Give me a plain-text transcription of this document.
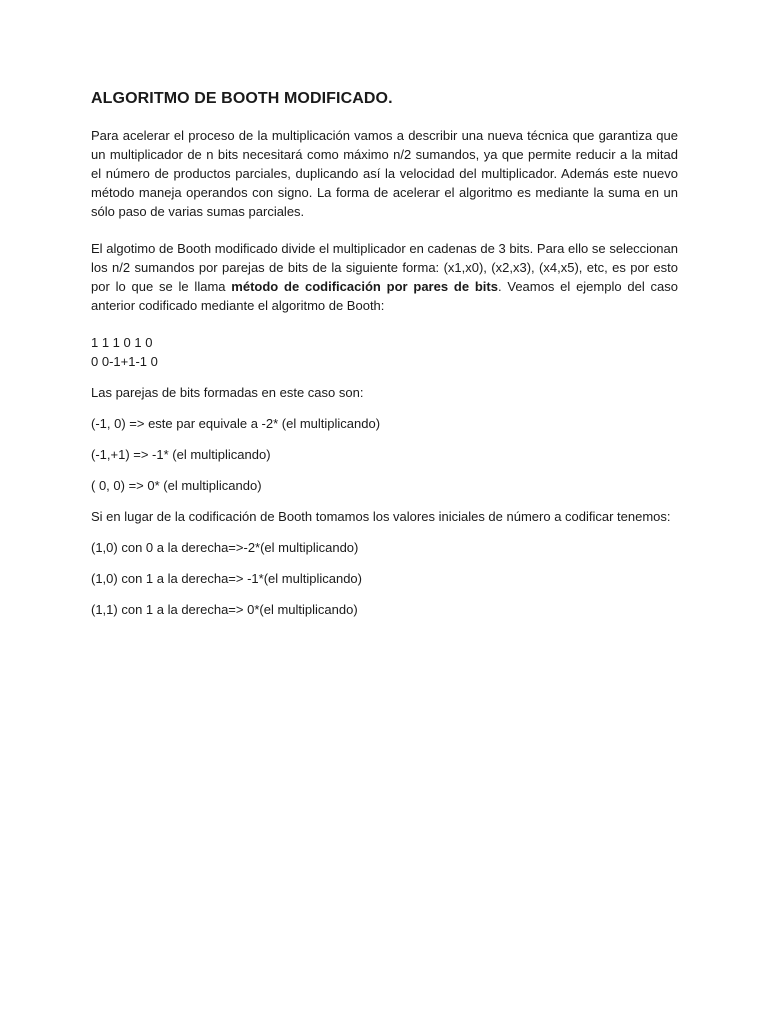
ALGORITMO DE BOOTH MODIFICADO.

Para acelerar el proceso de la multiplicación vamos a describir una nueva técnica que garantiza que un multiplicador de n bits necesitará como máximo n/2 sumandos, ya que permite reducir a la mitad el número de productos parciales, duplicando así la velocidad del multiplicador. Además este nuevo método maneja operandos con signo. La forma de acelerar el algoritmo es mediante la suma en un sólo paso de varias sumas parciales.

El algotimo de Booth modificado divide el multiplicador en cadenas de 3 bits. Para ello se seleccionan los n/2 sumandos por parejas de bits de la siguiente forma: (x1,x0), (x2,x3), (x4,x5), etc, es por esto por lo que se le llama método de codificación por pares de bits. Veamos el ejemplo del caso anterior codificado mediante el algoritmo de Booth:

1 1 1 0 1 0
0 0-1+1-1 0

Las parejas de bits formadas en este caso son:

(-1, 0) => este par equivale a -2* (el multiplicando)

(-1,+1) => -1* (el multiplicando)

( 0, 0) => 0* (el multiplicando)

Si en lugar de la codificación de Booth tomamos los valores iniciales de número a codificar tenemos:

(1,0) con 0 a la derecha=>-2*(el multiplicando)

(1,0) con 1 a la derecha=> -1*(el multiplicando)

(1,1) con 1 a la derecha=> 0*(el multiplicando)
